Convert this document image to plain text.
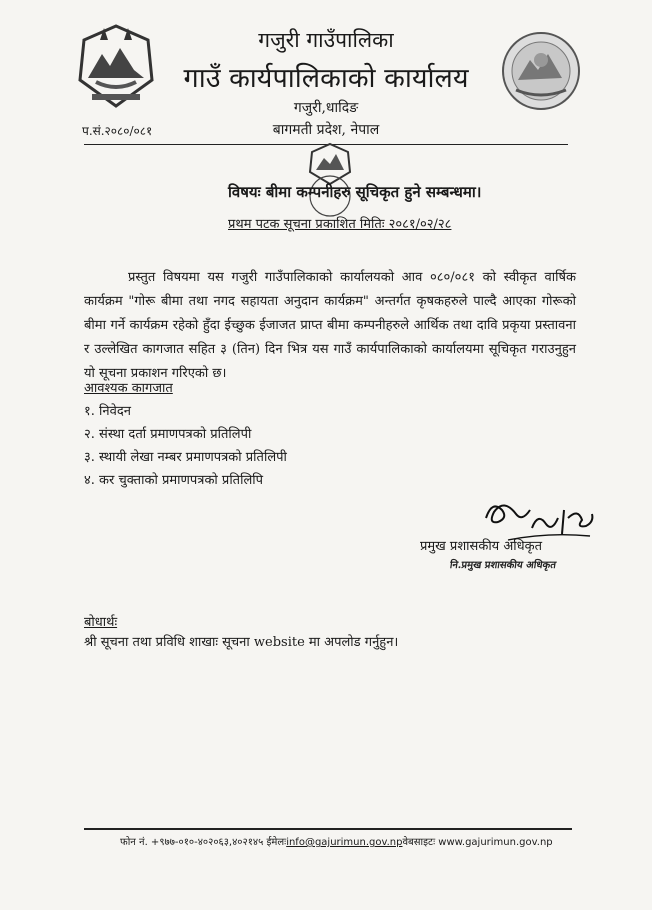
गजुरी गाउँपालिका
गाउँ कार्यपालिकाको कार्यालय
गजुरी,धादिङ
बागमती प्रदेश, नेपाल
प.सं.२०८०/०८१
विषयः बीमा कम्पनीहरु सूचिकृत हुने सम्बन्धमा।
प्रथम पटक सूचना प्रकाशित मितिः २०८१/०२/२८
प्रस्तुत विषयमा यस गजुरी गाउँपालिकाको कार्यालयको आव ०८०/०८१ को स्वीकृत वार्षिक कार्यक्रम "गोरू बीमा तथा नगद सहायता अनुदान कार्यक्रम" अन्तर्गत कृषकहरुले पाल्दै आएका गोरूको बीमा गर्ने कार्यक्रम रहेको हुँदा ईच्छुक ईजाजत प्राप्त बीमा कम्पनीहरुले आर्थिक तथा दावि प्रकृया प्रस्तावना र उल्लेखित कागजात सहित ३ (तिन) दिन भित्र यस गाउँ कार्यपालिकाको कार्यालयमा सूचिकृत गराउनुहुन यो सूचना प्रकाशन गरिएको छ।
आवश्यक कागजात
१. निवेदन
२. संस्था दर्ता प्रमाणपत्रको प्रतिलिपी
३. स्थायी लेखा नम्बर प्रमाणपत्रको प्रतिलिपी
४. कर चुक्ताको प्रमाणपत्रको प्रतिलिपि
प्रमुख प्रशासकीय अधिकृत
नि.प्रमुख प्रशासकीय अधिकृत
बोधार्थः
श्री सूचना तथा प्रविधि शाखाः सूचना website मा अपलोड गर्नुहुन।
फोन नं. +९७७-०१०-४०२०६३,४०२१४५ ईमेलःinfo@gajurimun.gov.npवेबसाइटः www.gajurimun.gov.np
